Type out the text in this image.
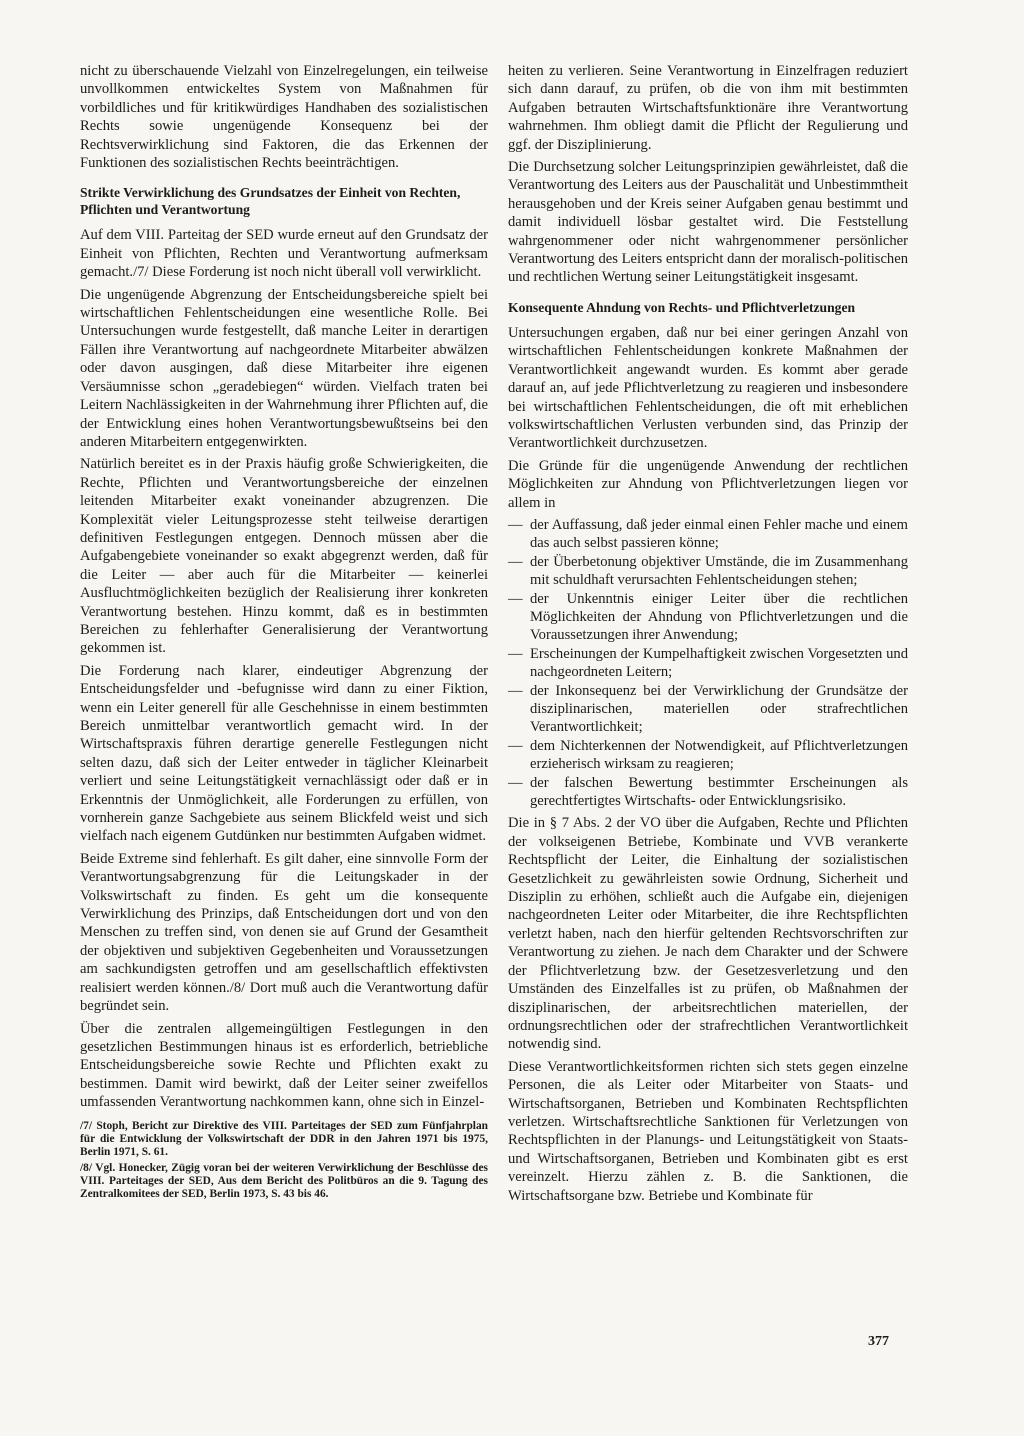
nicht zu überschauende Vielzahl von Einzelregelungen, ein teilweise unvollkommen entwickeltes System von Maßnahmen für vorbildliches und für kritikwürdiges Handhaben des sozialistischen Rechts sowie ungenügende Konsequenz bei der Rechtsverwirklichung sind Faktoren, die das Erkennen der Funktionen des sozialistischen Rechts beeinträchtigen.

Strikte Verwirklichung des Grundsatzes der Einheit von Rechten, Pflichten und Verantwortung

Auf dem VIII. Parteitag der SED wurde erneut auf den Grundsatz der Einheit von Pflichten, Rechten und Verantwortung aufmerksam gemacht./7/ Diese Forderung ist noch nicht überall voll verwirklicht.

Die ungenügende Abgrenzung der Entscheidungsbereiche spielt bei wirtschaftlichen Fehlentscheidungen eine wesentliche Rolle. Bei Untersuchungen wurde festgestellt, daß manche Leiter in derartigen Fällen ihre Verantwortung auf nachgeordnete Mitarbeiter abwälzen oder davon ausgingen, daß diese Mitarbeiter ihre eigenen Versäumnisse schon „geradebiegen“ würden. Vielfach traten bei Leitern Nachlässigkeiten in der Wahrnehmung ihrer Pflichten auf, die der Entwicklung eines hohen Verantwortungsbewußtseins bei den anderen Mitarbeitern entgegenwirkten.

Natürlich bereitet es in der Praxis häufig große Schwierigkeiten, die Rechte, Pflichten und Verantwortungsbereiche der einzelnen leitenden Mitarbeiter exakt voneinander abzugrenzen. Die Komplexität vieler Leitungsprozesse steht teilweise derartigen definitiven Festlegungen entgegen. Dennoch müssen aber die Aufgabengebiete voneinander so exakt abgegrenzt werden, daß für die Leiter — aber auch für die Mitarbeiter — keinerlei Ausfluchtmöglichkeiten bezüglich der Realisierung ihrer konkreten Verantwortung bestehen. Hinzu kommt, daß es in bestimmten Bereichen zu fehlerhafter Generalisierung der Verantwortung gekommen ist.

Die Forderung nach klarer, eindeutiger Abgrenzung der Entscheidungsfelder und -befugnisse wird dann zu einer Fiktion, wenn ein Leiter generell für alle Geschehnisse in einem bestimmten Bereich unmittelbar verantwortlich gemacht wird. In der Wirtschaftspraxis führen derartige generelle Festlegungen nicht selten dazu, daß sich der Leiter entweder in täglicher Kleinarbeit verliert und seine Leitungstätigkeit vernachlässigt oder daß er in Erkenntnis der Unmöglichkeit, alle Forderungen zu erfüllen, von vornherein ganze Sachgebiete aus seinem Blickfeld weist und sich vielfach nach eigenem Gutdünken nur bestimmten Aufgaben widmet.

Beide Extreme sind fehlerhaft. Es gilt daher, eine sinnvolle Form der Verantwortungsabgrenzung für die Leitungskader in der Volkswirtschaft zu finden. Es geht um die konsequente Verwirklichung des Prinzips, daß Entscheidungen dort und von den Menschen zu treffen sind, von denen sie auf Grund der Gesamtheit der objektiven und subjektiven Gegebenheiten und Voraussetzungen am sachkundigsten getroffen und am gesellschaftlich effektivsten realisiert werden können./8/ Dort muß auch die Verantwortung dafür begründet sein.

Über die zentralen allgemeingültigen Festlegungen in den gesetzlichen Bestimmungen hinaus ist es erforderlich, betriebliche Entscheidungsbereiche sowie Rechte und Pflichten exakt zu bestimmen. Damit wird bewirkt, daß der Leiter seiner zweifellos umfassenden Verantwortung nachkommen kann, ohne sich in Einzel-

/7/ Stoph, Bericht zur Direktive des VIII. Parteitages der SED zum Fünfjahrplan für die Entwicklung der Volkswirtschaft der DDR in den Jahren 1971 bis 1975, Berlin 1971, S. 61.
/8/ Vgl. Honecker, Zügig voran bei der weiteren Verwirklichung der Beschlüsse des VIII. Parteitages der SED, Aus dem Bericht des Politbüros an die 9. Tagung des Zentralkomitees der SED, Berlin 1973, S. 43 bis 46.

heiten zu verlieren. Seine Verantwortung in Einzelfragen reduziert sich dann darauf, zu prüfen, ob die von ihm mit bestimmten Aufgaben betrauten Wirtschaftsfunktionäre ihre Verantwortung wahrnehmen. Ihm obliegt damit die Pflicht der Regulierung und ggf. der Disziplinierung.

Die Durchsetzung solcher Leitungsprinzipien gewährleistet, daß die Verantwortung des Leiters aus der Pauschalität und Unbestimmtheit herausgehoben und der Kreis seiner Aufgaben genau bestimmt und damit individuell lösbar gestaltet wird. Die Feststellung wahrgenommener oder nicht wahrgenommener persönlicher Verantwortung des Leiters entspricht dann der moralisch-politischen und rechtlichen Wertung seiner Leitungstätigkeit insgesamt.

Konsequente Ahndung von Rechts- und Pflichtverletzungen

Untersuchungen ergaben, daß nur bei einer geringen Anzahl von wirtschaftlichen Fehlentscheidungen konkrete Maßnahmen der Verantwortlichkeit angewandt wurden. Es kommt aber gerade darauf an, auf jede Pflichtverletzung zu reagieren und insbesondere bei wirtschaftlichen Fehlentscheidungen, die oft mit erheblichen volkswirtschaftlichen Verlusten verbunden sind, das Prinzip der Verantwortlichkeit durchzusetzen.

Die Gründe für die ungenügende Anwendung der rechtlichen Möglichkeiten zur Ahndung von Pflichtverletzungen liegen vor allem in

— der Auffassung, daß jeder einmal einen Fehler mache und einem das auch selbst passieren könne;
— der Überbetonung objektiver Umstände, die im Zusammenhang mit schuldhaft verursachten Fehlentscheidungen stehen;
— der Unkenntnis einiger Leiter über die rechtlichen Möglichkeiten der Ahndung von Pflichtverletzungen und die Voraussetzungen ihrer Anwendung;
— Erscheinungen der Kumpelhaftigkeit zwischen Vorgesetzten und nachgeordneten Leitern;
— der Inkonsequenz bei der Verwirklichung der Grundsätze der disziplinarischen, materiellen oder strafrechtlichen Verantwortlichkeit;
— dem Nichterkennen der Notwendigkeit, auf Pflichtverletzungen erzieherisch wirksam zu reagieren;
— der falschen Bewertung bestimmter Erscheinungen als gerechtfertigtes Wirtschafts- oder Entwicklungsrisiko.

Die in § 7 Abs. 2 der VO über die Aufgaben, Rechte und Pflichten der volkseigenen Betriebe, Kombinate und VVB verankerte Rechtspflicht der Leiter, die Einhaltung der sozialistischen Gesetzlichkeit zu gewährleisten sowie Ordnung, Sicherheit und Disziplin zu erhöhen, schließt auch die Aufgabe ein, diejenigen nachgeordneten Leiter oder Mitarbeiter, die ihre Rechtspflichten verletzt haben, nach den hierfür geltenden Rechtsvorschriften zur Verantwortung zu ziehen. Je nach dem Charakter und der Schwere der Pflichtverletzung bzw. der Gesetzesverletzung und den Umständen des Einzelfalles ist zu prüfen, ob Maßnahmen der disziplinarischen, der arbeitsrechtlichen materiellen, der ordnungsrechtlichen oder der strafrechtlichen Verantwortlichkeit notwendig sind.

Diese Verantwortlichkeitsformen richten sich stets gegen einzelne Personen, die als Leiter oder Mitarbeiter von Staats- und Wirtschaftsorganen, Betrieben und Kombinaten Rechtspflichten verletzen. Wirtschaftsrechtliche Sanktionen für Verletzungen von Rechtspflichten in der Planungs- und Leitungstätigkeit von Staats- und Wirtschaftsorganen, Betrieben und Kombinaten gibt es erst vereinzelt. Hierzu zählen z. B. die Sanktionen, die Wirtschaftsorgane bzw. Betriebe und Kombinate für

377
